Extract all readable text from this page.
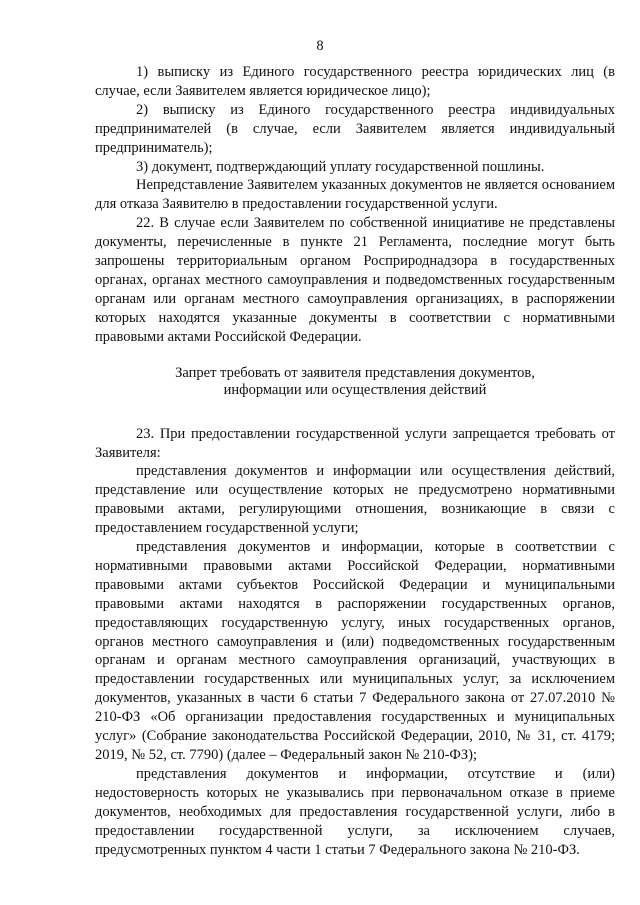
8

1) выписку из Единого государственного реестра юридических лиц (в случае, если Заявителем является юридическое лицо);

2) выписку из Единого государственного реестра индивидуальных предпринимателей (в случае, если Заявителем является индивидуальный предприниматель);

3) документ, подтверждающий уплату государственной пошлины.

Непредставление Заявителем указанных документов не является основанием для отказа Заявителю в предоставлении государственной услуги.

22. В случае если Заявителем по собственной инициативе не представлены документы, перечисленные в пункте 21 Регламента, последние могут быть запрошены территориальным органом Росприроднадзора в государственных органах, органах местного самоуправления и подведомственных государственным органам или органам местного самоуправления организациях, в распоряжении которых находятся указанные документы в соответствии с нормативными правовыми актами Российской Федерации.

Запрет требовать от заявителя представления документов,
информации или осуществления действий

23. При предоставлении государственной услуги запрещается требовать от Заявителя:

представления документов и информации или осуществления действий, представление или осуществление которых не предусмотрено нормативными правовыми актами, регулирующими отношения, возникающие в связи с предоставлением государственной услуги;

представления документов и информации, которые в соответствии с нормативными правовыми актами Российской Федерации, нормативными правовыми актами субъектов Российской Федерации и муниципальными правовыми актами находятся в распоряжении государственных органов, предоставляющих государственную услугу, иных государственных органов, органов местного самоуправления и (или) подведомственных государственным органам и органам местного самоуправления организаций, участвующих в предоставлении государственных или муниципальных услуг, за исключением документов, указанных в части 6 статьи 7 Федерального закона от 27.07.2010 № 210-ФЗ «Об организации предоставления государственных и муниципальных услуг» (Собрание законодательства Российской Федерации, 2010, № 31, ст. 4179; 2019, № 52, ст. 7790) (далее – Федеральный закон № 210-ФЗ);

представления документов и информации, отсутствие и (или) недостоверность которых не указывались при первоначальном отказе в приеме документов, необходимых для предоставления государственной услуги, либо в предоставлении государственной услуги, за исключением случаев, предусмотренных пунктом 4 части 1 статьи 7 Федерального закона № 210-ФЗ.
